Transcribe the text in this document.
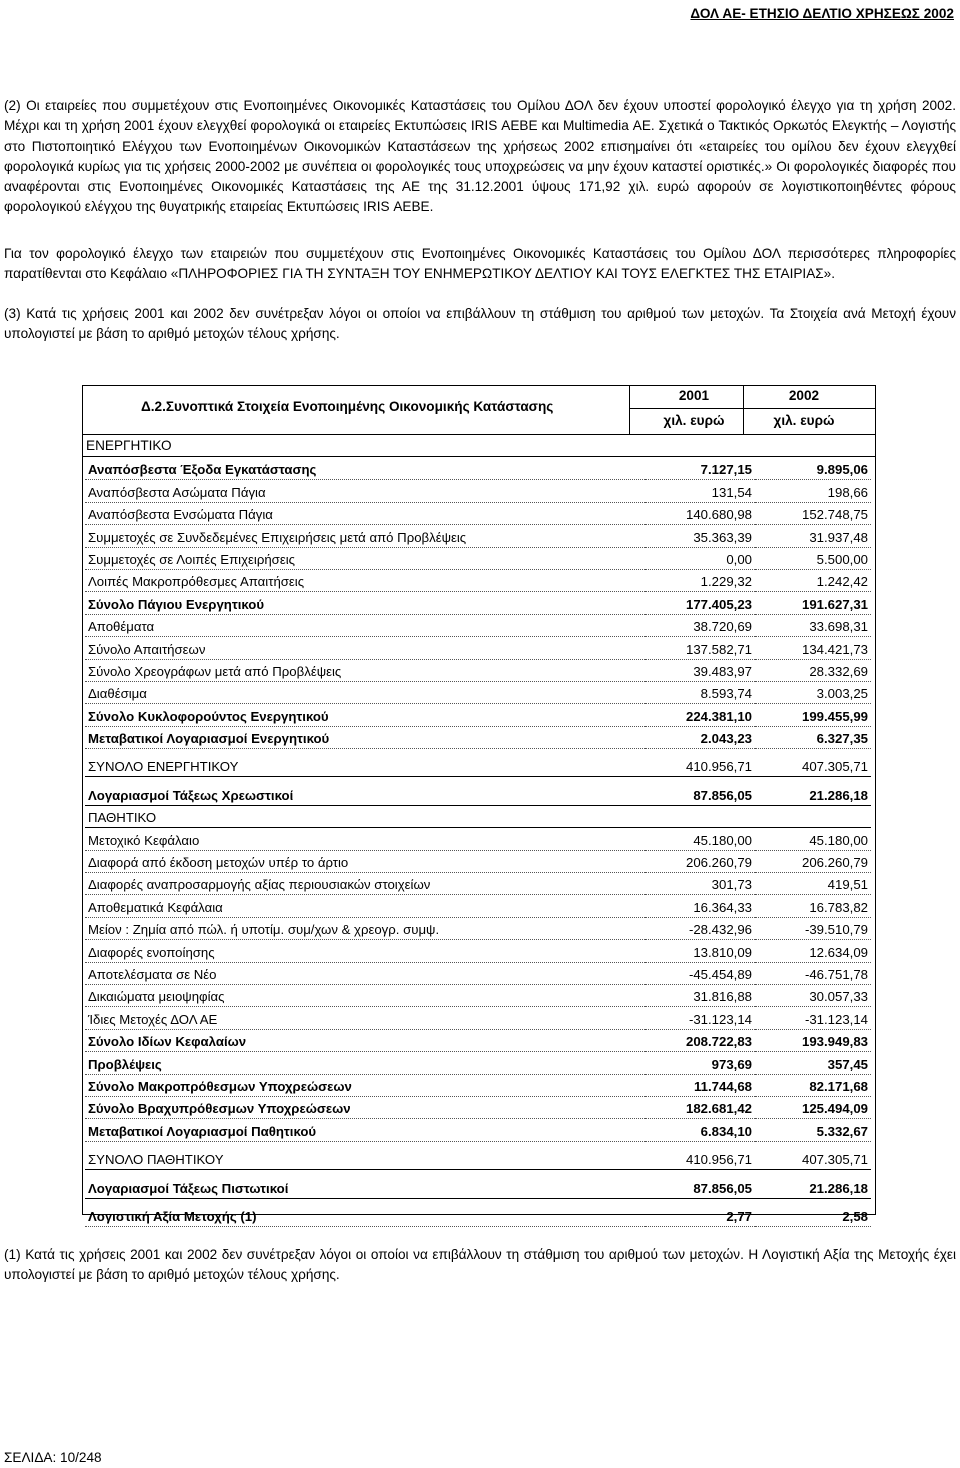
ΔΟΛ ΑΕ- ΕΤΗΣΙΟ ΔΕΛΤΙΟ ΧΡΗΣΕΩΣ 2002
(2) Οι εταιρείες που συμμετέχουν στις Ενοποιημένες Οικονομικές Καταστάσεις του Ομίλου ΔΟΛ δεν έχουν υποστεί φορολογικό έλεγχο για τη χρήση 2002. Μέχρι και τη χρήση 2001 έχουν ελεγχθεί φορολογικά οι εταιρείες Εκτυπώσεις IRIS ΑΕΒΕ και Multimedia ΑΕ. Σχετικά ο Τακτικός Ορκωτός Ελεγκτής – Λογιστής στο Πιστοποιητικό Ελέγχου των Ενοποιημένων Οικονομικών Καταστάσεων της χρήσεως 2002 επισημαίνει ότι «εταιρείες του ομίλου δεν έχουν ελεγχθεί φορολογικά κυρίως για τις χρήσεις 2000-2002 με συνέπεια οι φορολογικές τους υποχρεώσεις να μην έχουν καταστεί οριστικές.» Οι φορολογικές διαφορές που αναφέρονται στις Ενοποιημένες Οικονομικές Καταστάσεις της ΑΕ της 31.12.2001 ύψους 171,92 χιλ. ευρώ αφορούν σε λογιστικοποιηθέντες φόρους φορολογικού ελέγχου της θυγατρικής εταιρείας Εκτυπώσεις IRIS ΑΕΒΕ.
Για τον φορολογικό έλεγχο των εταιρειών που συμμετέχουν στις Ενοποιημένες Οικονομικές Καταστάσεις του Ομίλου ΔΟΛ περισσότερες πληροφορίες παρατίθενται στο Κεφάλαιο «ΠΛΗΡΟΦΟΡΙΕΣ ΓΙΑ ΤΗ ΣΥΝΤΑΞΗ ΤΟΥ ΕΝΗΜΕΡΩΤΙΚΟΥ ΔΕΛΤΙΟΥ ΚΑΙ ΤΟΥΣ ΕΛΕΓΚΤΕΣ ΤΗΣ ΕΤΑΙΡΙΑΣ».
(3) Κατά τις χρήσεις 2001 και 2002 δεν συνέτρεξαν λόγοι οι οποίοι να επιβάλλουν τη στάθμιση του αριθμού των μετοχών. Τα Στοιχεία ανά Μετοχή έχουν υπολογιστεί με βάση το αριθμό μετοχών τέλους χρήσης.
Δ.2.Συνοπτικά Στοιχεία Ενοποιημένης Οικονομικής Κατάστασης
2001	2002
χιλ. ευρώ	χιλ. ευρώ
ΕΝΕΡΓΗΤΙΚΟ
Αναπόσβεστα Έξοδα Εγκατάστασης	7.127,15	9.895,06
Αναπόσβεστα Ασώματα Πάγια	131,54	198,66
Αναπόσβεστα Ενσώματα Πάγια	140.680,98	152.748,75
Συμμετοχές σε Συνδεδεμένες Επιχειρήσεις μετά από Προβλέψεις	35.363,39	31.937,48
Συμμετοχές σε Λοιπές Επιχειρήσεις	0,00	5.500,00
Λοιπές Μακροπρόθεσμες Απαιτήσεις	1.229,32	1.242,42
Σύνολο Πάγιου Ενεργητικού	177.405,23	191.627,31
Αποθέματα	38.720,69	33.698,31
Σύνολο Απαιτήσεων	137.582,71	134.421,73
Σύνολο Χρεογράφων μετά από Προβλέψεις	39.483,97	28.332,69
Διαθέσιμα	8.593,74	3.003,25
Σύνολο Κυκλοφορούντος Ενεργητικού	224.381,10	199.455,99
Μεταβατικοί Λογαριασμοί Ενεργητικού	2.043,23	6.327,35

ΣΥΝΟΛΟ ΕΝΕΡΓΗΤΙΚΟΥ	410.956,71	407.305,71

Λογαριασμοί Τάξεως Χρεωστικοί	87.856,05	21.286,18
ΠΑΘΗΤΙΚΟ		
Μετοχικό Κεφάλαιο	45.180,00	45.180,00
Διαφορά από έκδοση μετοχών υπέρ το άρτιο	206.260,79	206.260,79
Διαφορές αναπροσαρμογής αξίας περιουσιακών στοιχείων	301,73	419,51
Αποθεματικά Κεφάλαια	16.364,33	16.783,82
Μείον : Ζημία από πώλ. ή υποτίμ. συμ/χων & χρεογρ. συμψ.	-28.432,96	-39.510,79
Διαφορές ενοποίησης	13.810,09	12.634,09
Αποτελέσματα σε Νέο	-45.454,89	-46.751,78
Δικαιώματα μειοψηφίας	31.816,88	30.057,33
Ίδιες Μετοχές ΔΟΛ ΑΕ	-31.123,14	-31.123,14
Σύνολο Ιδίων Κεφαλαίων	208.722,83	193.949,83
Προβλέψεις	973,69	357,45
Σύνολο Μακροπρόθεσμων Υποχρεώσεων	11.744,68	82.171,68
Σύνολο Βραχυπρόθεσμων Υποχρεώσεων	182.681,42	125.494,09
Μεταβατικοί Λογαριασμοί Παθητικού	6.834,10	5.332,67

ΣΥΝΟΛΟ ΠΑΘΗΤΙΚΟΥ	410.956,71	407.305,71

Λογαριασμοί Τάξεως Πιστωτικοί	87.856,05	21.286,18

Λογιστική Αξία Μετοχής (1)	2,77	2,58
(1) Κατά τις χρήσεις 2001 και 2002 δεν συνέτρεξαν λόγοι οι οποίοι να επιβάλλουν τη στάθμιση του αριθμού των μετοχών. Η Λογιστική Αξία της Μετοχής έχει υπολογιστεί με βάση το αριθμό μετοχών τέλους χρήσης.
ΣΕΛΙΔΑ: 10/248
